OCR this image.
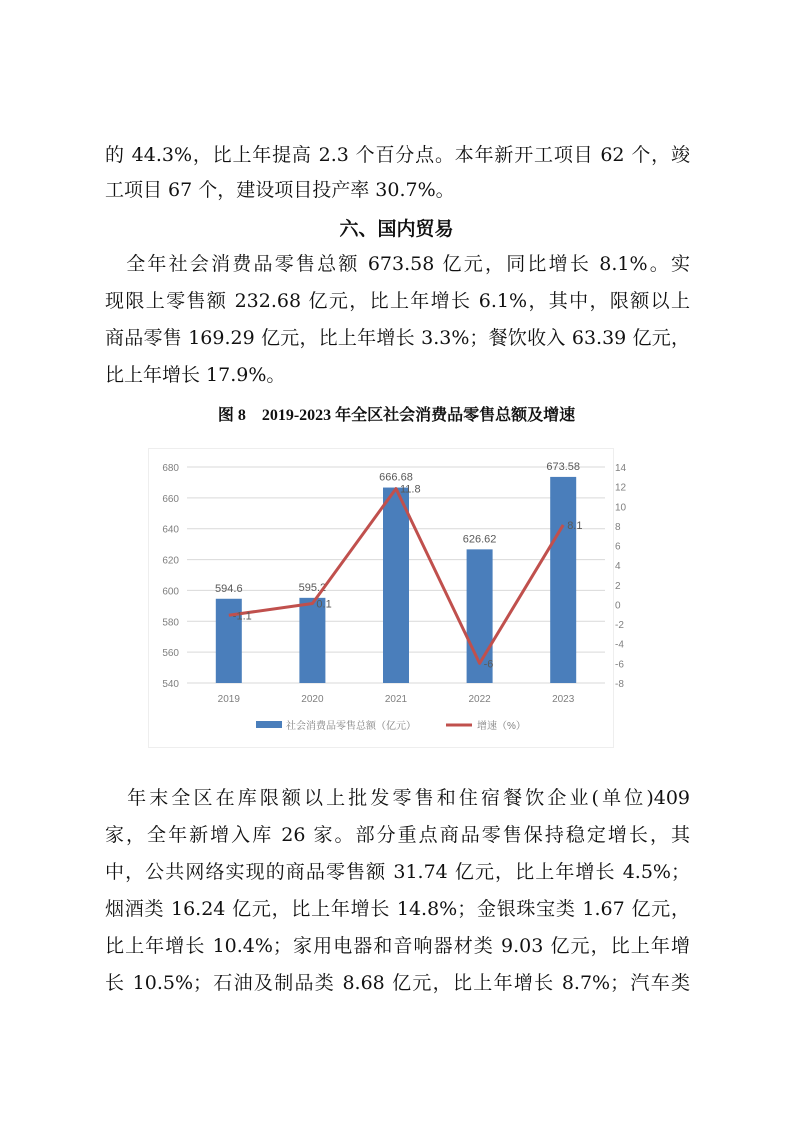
的 44.3%，比上年提高 2.3 个百分点。本年新开工项目 62 个，竣
工项目 67 个，建设项目投产率 30.7%。
六、国内贸易
　全年社会消费品零售总额 673.58 亿元，同比增长 8.1%。实
现限上零售额 232.68 亿元，比上年增长 6.1%，其中，限额以上
商品零售 169.29 亿元，比上年增长 3.3%；餐饮收入 63.39 亿元，
比上年增长 17.9%。
图 8　2019-2023 年全区社会消费品零售总额及增速
540
560
580
600
620
640
660
680
-8
-6
-4
-2
0
2
4
6
8
10
12
14
594.6	595.2
666.68
626.62
673.58
2019	2020	2021	2022	2023
-1.1
0.1
11.8
-6
8.1
社会消费品零售总额（亿元）	增速（%）
　年末全区在库限额以上批发零售和住宿餐饮企业(单位)409
家，全年新增入库 26 家。部分重点商品零售保持稳定增长，其
中，公共网络实现的商品零售额 31.74 亿元，比上年增长 4.5%；
烟酒类 16.24 亿元，比上年增长 14.8%；金银珠宝类 1.67 亿元，
比上年增长 10.4%；家用电器和音响器材类 9.03 亿元，比上年增
长 10.5%；石油及制品类 8.68 亿元，比上年增长 8.7%；汽车类
